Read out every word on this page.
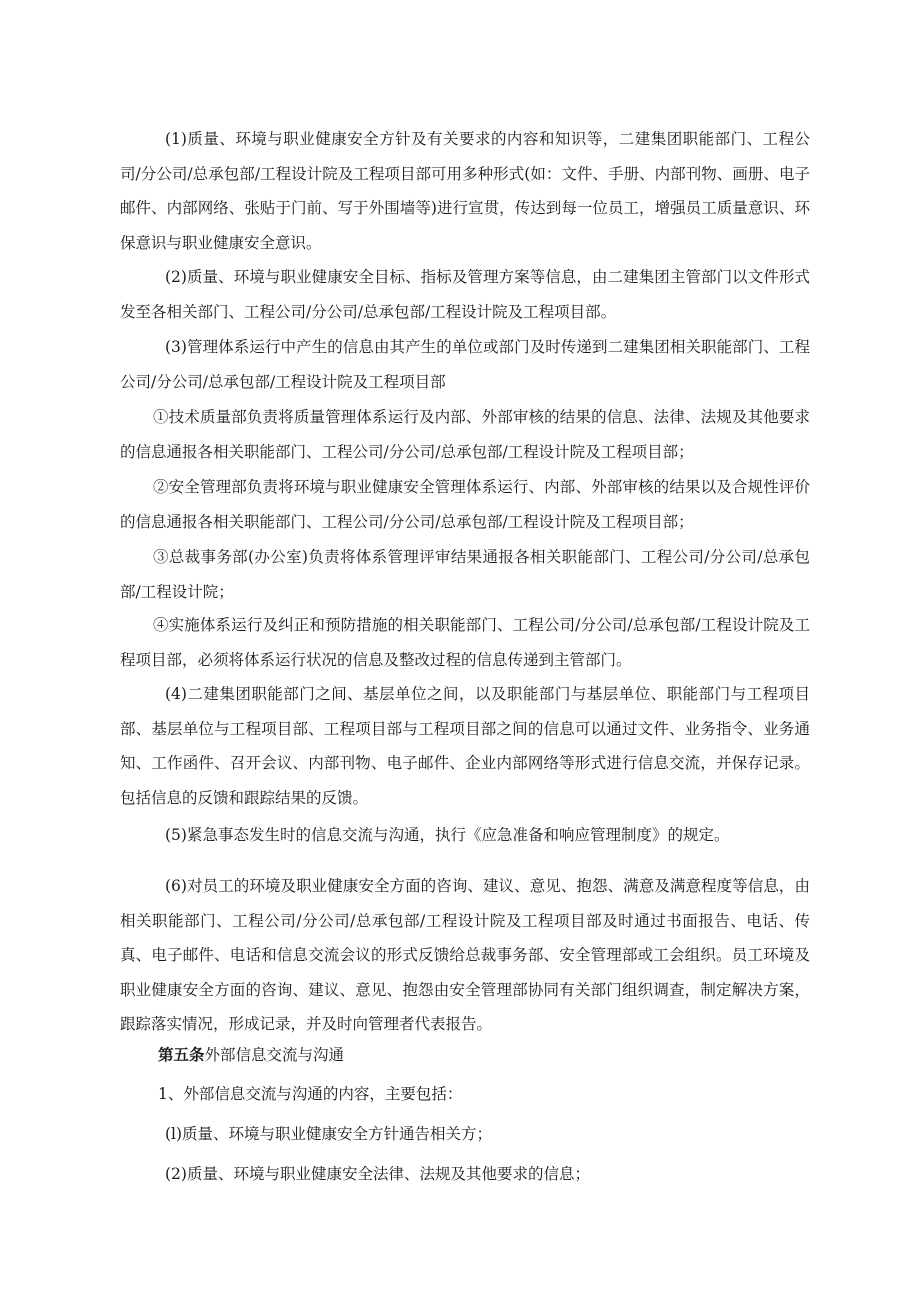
(1)质量、环境与职业健康安全方针及有关要求的内容和知识等，二建集团职能部门、工程公司/分公司/总承包部/工程设计院及工程项目部可用多种形式(如：文件、手册、内部刊物、画册、电子邮件、内部网络、张贴于门前、写于外围墙等)进行宣贯，传达到每一位员工，增强员工质量意识、环保意识与职业健康安全意识。

(2)质量、环境与职业健康安全目标、指标及管理方案等信息，由二建集团主管部门以文件形式发至各相关部门、工程公司/分公司/总承包部/工程设计院及工程项目部。

(3)管理体系运行中产生的信息由其产生的单位或部门及时传递到二建集团相关职能部门、工程公司/分公司/总承包部/工程设计院及工程项目部

①技术质量部负责将质量管理体系运行及内部、外部审核的结果的信息、法律、法规及其他要求的信息通报各相关职能部门、工程公司/分公司/总承包部/工程设计院及工程项目部；

②安全管理部负责将环境与职业健康安全管理体系运行、内部、外部审核的结果以及合规性评价的信息通报各相关职能部门、工程公司/分公司/总承包部/工程设计院及工程项目部；

③总裁事务部(办公室)负责将体系管理评审结果通报各相关职能部门、工程公司/分公司/总承包部/工程设计院；

④实施体系运行及纠正和预防措施的相关职能部门、工程公司/分公司/总承包部/工程设计院及工程项目部，必须将体系运行状况的信息及整改过程的信息传递到主管部门。

(4)二建集团职能部门之间、基层单位之间，以及职能部门与基层单位、职能部门与工程项目部、基层单位与工程项目部、工程项目部与工程项目部之间的信息可以通过文件、业务指令、业务通知、工作函件、召开会议、内部刊物、电子邮件、企业内部网络等形式进行信息交流，并保存记录。包括信息的反馈和跟踪结果的反馈。

(5)紧急事态发生时的信息交流与沟通，执行《应急准备和响应管理制度》的规定。

(6)对员工的环境及职业健康安全方面的咨询、建议、意见、抱怨、满意及满意程度等信息，由相关职能部门、工程公司/分公司/总承包部/工程设计院及工程项目部及时通过书面报告、电话、传真、电子邮件、电话和信息交流会议的形式反馈给总裁事务部、安全管理部或工会组织。员工环境及职业健康安全方面的咨询、建议、意见、抱怨由安全管理部协同有关部门组织调查，制定解决方案，跟踪落实情况，形成记录，并及时向管理者代表报告。

第五条外部信息交流与沟通

1、外部信息交流与沟通的内容，主要包括：

(l)质量、环境与职业健康安全方针通告相关方；

(2)质量、环境与职业健康安全法律、法规及其他要求的信息；
